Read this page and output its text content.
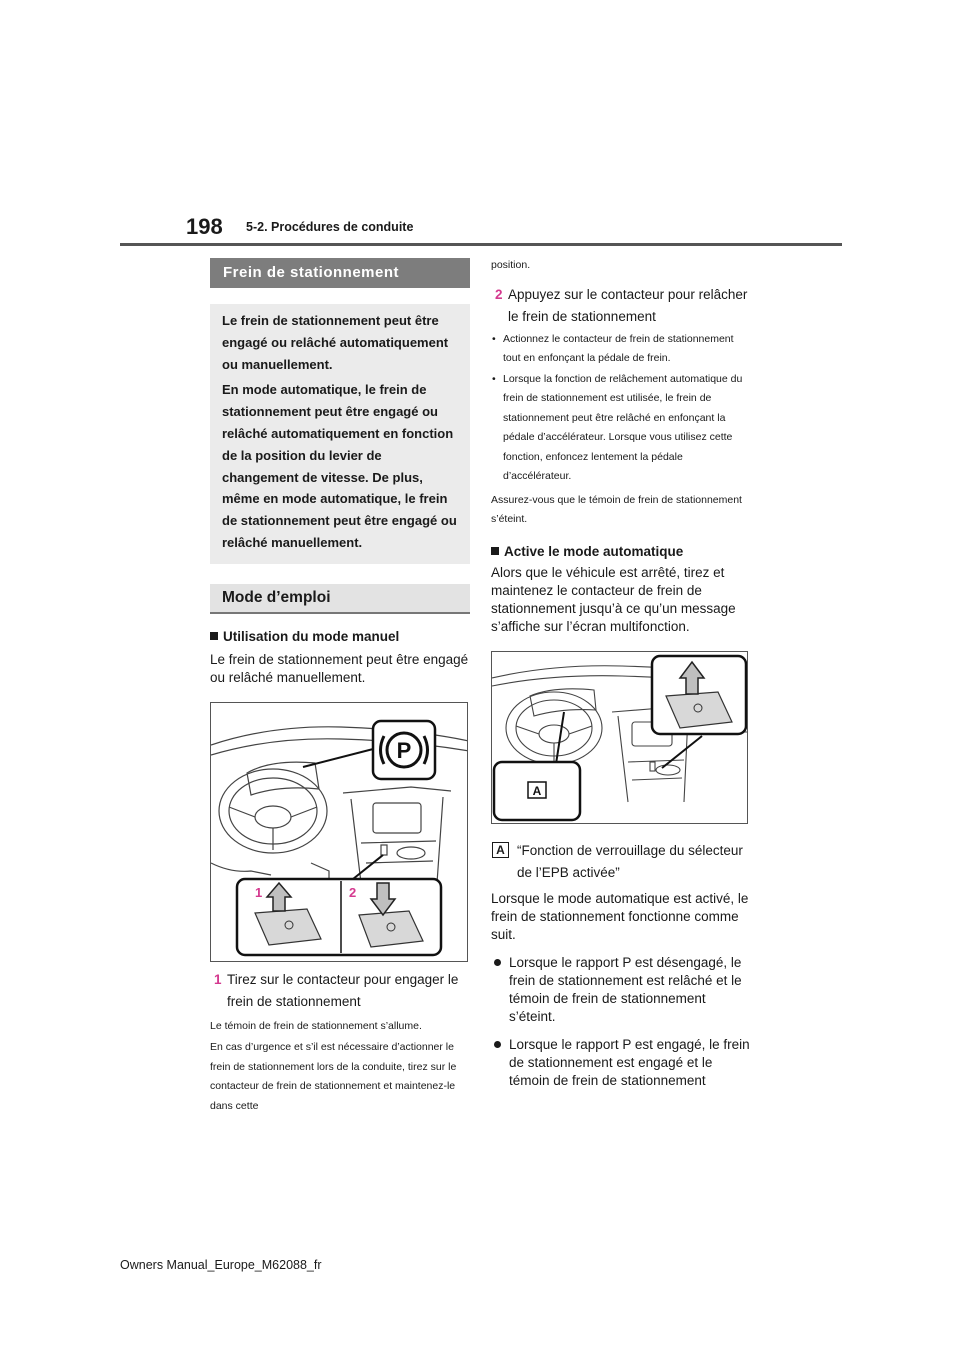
198 5-2. Procédures de conduite
Frein de stationnement

Le frein de stationnement peut être engagé ou relâché automatiquement ou manuellement.

En mode automatique, le frein de stationnement peut être engagé ou relâché automatiquement en fonction de la position du levier de changement de vitesse. De plus, même en mode automatique, le frein de stationnement peut être engagé ou relâché manuellement.

Mode d’emploi
Utilisation du mode manuel
Le frein de stationnement peut être engagé ou relâché manuellement.
P
1	2
1 Tirez sur le contacteur pour engager le frein de stationnement
Le témoin de frein de stationnement s’allume.
En cas d’urgence et s’il est nécessaire d’actionner le frein de stationnement lors de la conduite, tirez sur le contacteur de frein de stationnement et maintenez-le dans cette
position.
2 Appuyez sur le contacteur pour relâcher le frein de stationnement
• Actionnez le contacteur de frein de stationnement tout en enfonçant la pédale de frein.
• Lorsque la fonction de relâchement automatique du frein de stationnement est utilisée, le frein de stationnement peut être relâché en enfonçant la pédale d’accélérateur. Lorsque vous utilisez cette fonction, enfoncez lentement la pédale d’accélérateur.
Assurez-vous que le témoin de frein de stationnement s’éteint.
Active le mode automatique
Alors que le véhicule est arrêté, tirez et maintenez le contacteur de frein de stationnement jusqu’à ce qu’un message s’affiche sur l’écran multifonction.
A
A “Fonction de verrouillage du sélecteur de l’EPB activée”
Lorsque le mode automatique est activé, le frein de stationnement fonctionne comme suit.
Lorsque le rapport P est désengagé, le frein de stationnement est relâché et le témoin de frein de stationnement s’éteint.
Lorsque le rapport P est engagé, le frein de stationnement est engagé et le témoin de frein de stationnement
Owners Manual_Europe_M62088_fr
